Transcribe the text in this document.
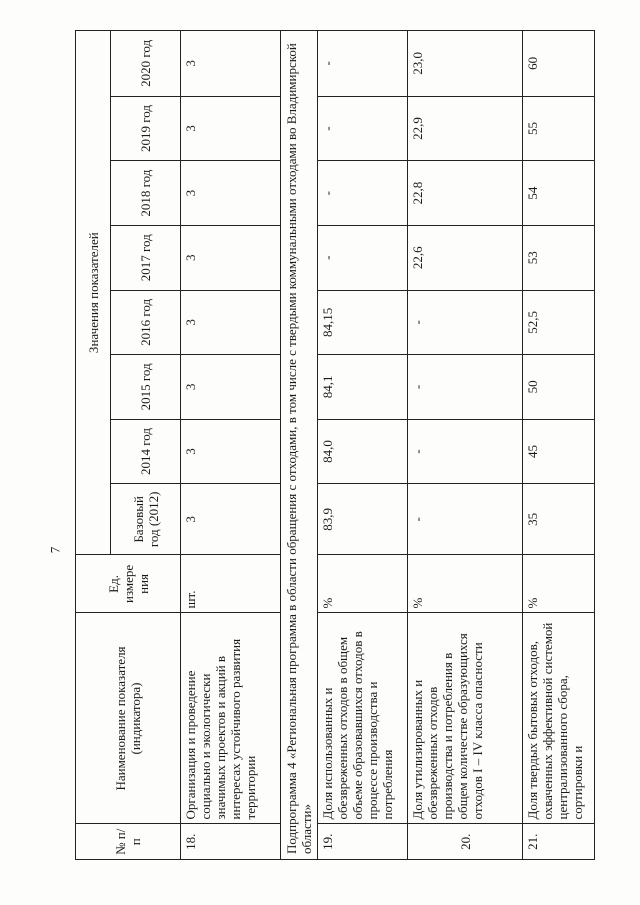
7
№ п/п	Наименование показателя (индикатора)	Ед. измере ния	Значения показателей							
			Базовый год (2012)	2014 год	2015 год	2016 год	2017 год	2018 год	2019 год	2020 год
18.	Организация и проведение социально и экологически значимых проектов и акций в интересах устойчивого развития территории	шт.	3	3	3	3	3	3	3	3
Подпрограмма 4 «Региональная программа в области обращения с отходами, в том числе с твердыми коммунальными отходами во Владимирской области»										
19.	Доля использованных и обезвреженных отходов в общем объеме образовавшихся отходов в процессе производства и потребления	%	83,9	84,0	84,1	84,15	-	-	-	-
20.	Доля утилизированных и обезвреженных отходов производства и потребления в общем количестве образующихся отходов I – IV класса опасности	%	-	-	-	-	22,6	22,8	22,9	23,0
21.	Доля твердых бытовых отходов, охваченных эффективной системой централизованного сбора, сортировки и	%	35	45	50	52,5	53	54	55	60
